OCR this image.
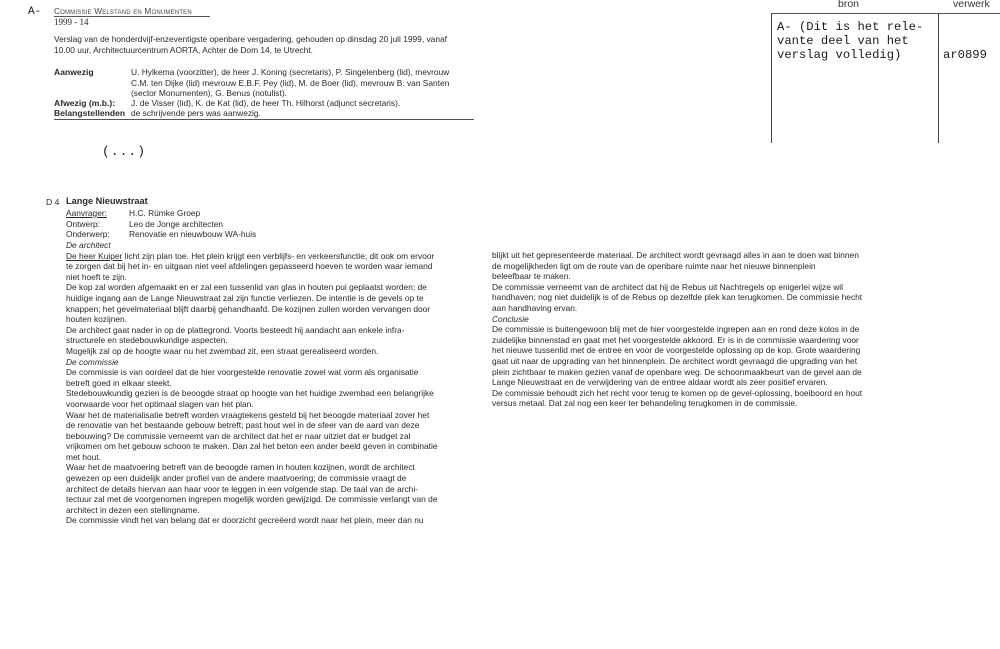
bron	verwerk
A- (Dit is het rele-
vante deel van het
verslag volledig)	ar0899
A- Commissie Welstand en Monumenten
1999 - 14
Verslag van de honderdvijf-enzeventigste openbare vergadering, gehouden op dinsdag 20 juli 1999, vanaf
10.00 uur, Architectuurcentrum AORTA, Achter de Dom 14, te Utrecht.
Aanwezig	U. Hylkema (voorzitter), de heer J. Koning (secretaris), P. Singelenberg (lid), mevrouw
C.M. ten Dijke (lid) mevrouw E.B.F. Pey (lid), M. de Boer (lid), mevrouw B. van Santen
(sector Monumenten), G. Benus (notulist).
Afwezig (m.b.): J. de Visser (lid), K. de Kat (lid), de heer Th. Hilhorst (adjunct secretaris).
Belangstellenden de schrijvende pers was aanwezig.
(...)
D 4 Lange Nieuwstraat
Aanvrager:	H.C. Rümke Groep
Ontwerp:	Leo de Jonge architecten
Onderwerp:	Renovatie en nieuwbouw WA-huis
De architect
De heer Kuiper licht zijn plan toe. Het plein krijgt een verblijfs- en verkeersfunctie; dit ook om ervoor
te zorgen dat bij het in- en uitgaan niet veel afdelingen gepasseerd hoeven te worden waar iemand
niet hoeft te zijn.
De kop zal worden afgemaakt en er zal een tussenlid van glas in houten pui geplaatst worden; de
huidige ingang aan de Lange Nieuwstraat zal zijn functie verliezen. De intentie is de gevels op te
knappen; het gevelmateriaal blijft daarbij gehandhaafd. De kozijnen zullen worden vervangen door
houten kozijnen.
De architect gaat nader in op de plattegrond. Voorts besteedt hij aandacht aan enkele infra-
structurele en stedebouwkundige aspecten.
Mogelijk zal op de hoogte waar nu het zwembad zit, een straat gerealiseerd worden.
De commissie
De commissie is van oordeel dat de hier voorgestelde renovatie zowel wat vorm als organisatie
betreft goed in elkaar steekt.
Stedebouwkundig gezien is de beoogde straat op hoogte van het huidige zwembad een belangrijke
voorwaarde voor het optimaal slagen van het plan.
Waar het de materialisatie betreft worden vraagtekens gesteld bij het beoogde materiaal zover het
de renovatie van het bestaande gebouw betreft; past hout wel in de sfeer van de aard van deze
bebouwing? De commissie verneemt van de architect dat het er naar uitziet dat er budget zal
vrijkomen om het gebouw schoon te maken. Dan zal het beton een ander beeld geven in combinatie
met hout.
Waar het de maatvoering betreft van de beoogde ramen in houten kozijnen, wordt de architect
gewezen op een duidelijk ander profiel van de andere maatvoering; de commissie vraagt de
architect de details hiervan aan haar voor te leggen in een volgende stap. De taal van de archi-
tectuur zal met de voorgenomen ingrepen mogelijk worden gewijzigd. De commissie verlangt van de
architect in dezen een stellingname.
De commissie vindt het van belang dat er doorzicht gecreëerd wordt naar het plein, meer dan nu
blijkt uit het gepresenteerde materiaal. De architect wordt gevraagd alles in aan te doen wat binnen
de mogelijkheden ligt om de route van de openbare ruimte naar het nieuwe binnenplein
beleefbaar te maken.
De commissie verneemt van de architect dat hij de Rebus uit Nachtregels op enigerlei wijze wil
handhaven; nog niet duidelijk is of de Rebus op dezelfde plek kan terugkomen. De commissie hecht
aan handhaving ervan.
Conclusie
De commissie is buitengewoon blij met de hier voorgestelde ingrepen aan en rond deze kolos in de
zuidelijke binnenstad en gaat met het voorgestelde akkoord. Er is in de commissie waardering voor
het nieuwe tussenlid met de entree en voor de voorgestelde oplossing op de kop. Grote waardering
gaat uit naar de upgrading van het binnenplein. De architect wordt gevraagd die upgrading van het
plein zichtbaar te maken gezien vanaf de openbare weg. De schoonmaakbeurt van de gevel aan de
Lange Nieuwstraat en de verwijdering van de entree aldaar wordt als zeer positief ervaren.
De commissie behoudt zich het recht voor terug te komen op de gevel-oplossing, boeiboord en hout
versus metaal. Dat zal nog een keer ter behandeling terugkomen in de commissie.
